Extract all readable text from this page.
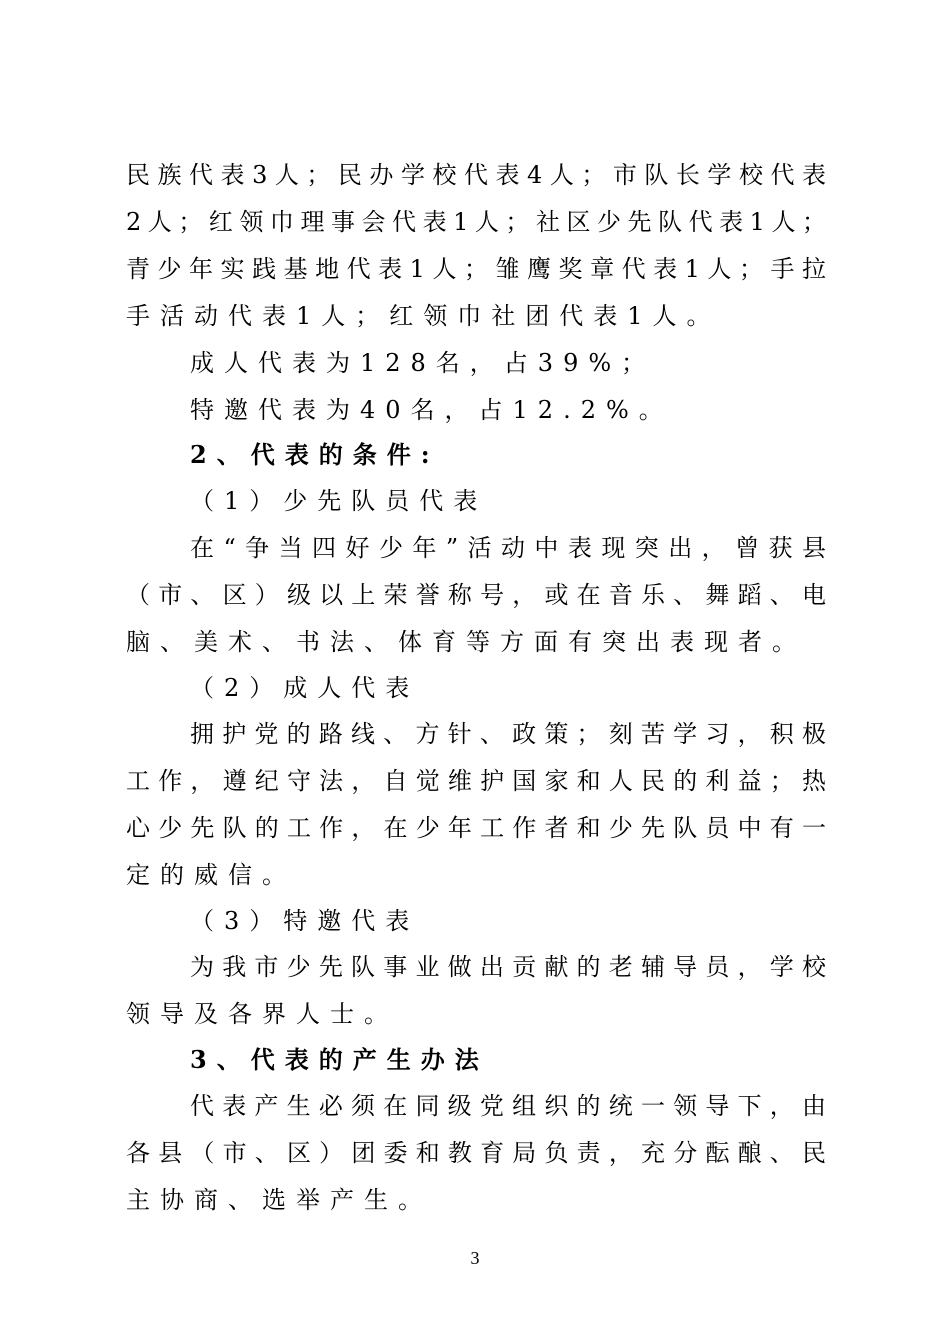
民族代表3人；民办学校代表4人；市队长学校代表
2人；红领巾理事会代表1人；社区少先队代表1人；
青少年实践基地代表1人；雏鹰奖章代表1人；手拉
手活动代表1人；红领巾社团代表1人。
成人代表为128名，占39%；
特邀代表为40名，占12.2%。
2、代表的条件:
（1）少先队员代表
在“争当四好少年”活动中表现突出，曾获县
（市、区）级以上荣誉称号，或在音乐、舞蹈、电
脑、美术、书法、体育等方面有突出表现者。
（2）成人代表
拥护党的路线、方针、政策；刻苦学习，积极
工作，遵纪守法，自觉维护国家和人民的利益；热
心少先队的工作，在少年工作者和少先队员中有一
定的威信。
（3）特邀代表
为我市少先队事业做出贡献的老辅导员，学校
领导及各界人士。
3、代表的产生办法
代表产生必须在同级党组织的统一领导下，由
各县（市、区）团委和教育局负责，充分酝酿、民
主协商、选举产生。
3
